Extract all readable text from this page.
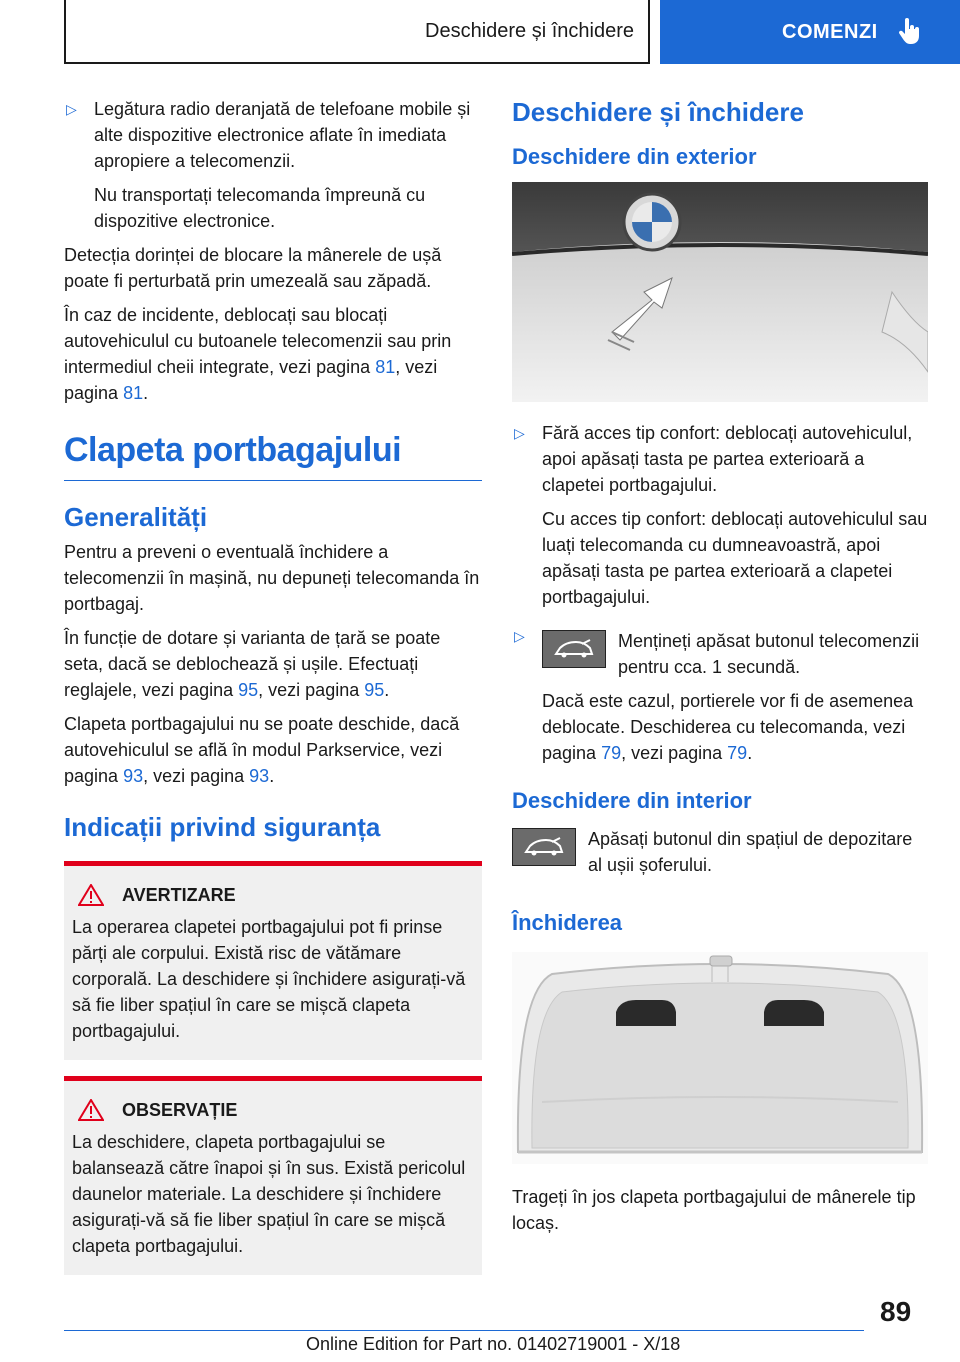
Deschidere și închidere	COMENZI

▷ Legătura radio deranjată de telefoane mobile și alte dispozitive electronice aflate în imediata apropiere a telecomenzii.

Nu transportați telecomanda împreună cu dispozitive electronice.

Detecția dorinței de blocare la mânerele de ușă poate fi perturbată prin umezeală sau zăpadă.

În caz de incidente, deblocați sau blocați autovehiculul cu butoanele telecomenzii sau prin intermediul cheii integrate, vezi pagina 81, vezi pagina 81.

Clapeta portbagajului
Generalități

Pentru a preveni o eventuală închidere a telecomenzii în mașină, nu depuneți telecomanda în portbagaj.

În funcție de dotare și varianta de țară se poate seta, dacă se deblochează și ușile. Efectuați reglajele, vezi pagina 95, vezi pagina 95.

Clapeta portbagajului nu se poate deschide, dacă autovehiculul se află în modul Parkservice, vezi pagina 93, vezi pagina 93.

Indicații privind siguranța
AVERTIZARE

La operarea clapetei portbagajului pot fi prinse părți ale corpului. Există risc de vătămare corporală. La deschidere și închidere asigurați-vă să fie liber spațiul în care se mișcă clapeta portbagajului.

OBSERVAȚIE

La deschidere, clapeta portbagajului se balansează către înapoi și în sus. Există pericolul daunelor materiale. La deschidere și închidere asigurați-vă să fie liber spațiul în care se mișcă clapeta portbagajului.

Deschidere și închidere
Deschidere din exterior

▷ Fără acces tip confort: deblocați autovehiculul, apoi apăsați tasta pe partea exterioară a clapetei portbagajului.

Cu acces tip confort: deblocați autovehiculul sau luați telecomanda cu dumneavoastră, apoi apăsați tasta pe partea exterioară a clapetei portbagajului.

▷ Mențineți apăsat butonul telecomenzii pentru cca. 1 secundă.

Dacă este cazul, portierele vor fi de asemenea deblocate. Deschiderea cu telecomanda, vezi pagina 79, vezi pagina 79.

Deschidere din interior

Apăsați butonul din spațiul de depozitare al ușii șoferului.

Închiderea

Trageți în jos clapeta portbagajului de mânerele tip locaș.

89
Online Edition for Part no. 01402719001 - X/18
